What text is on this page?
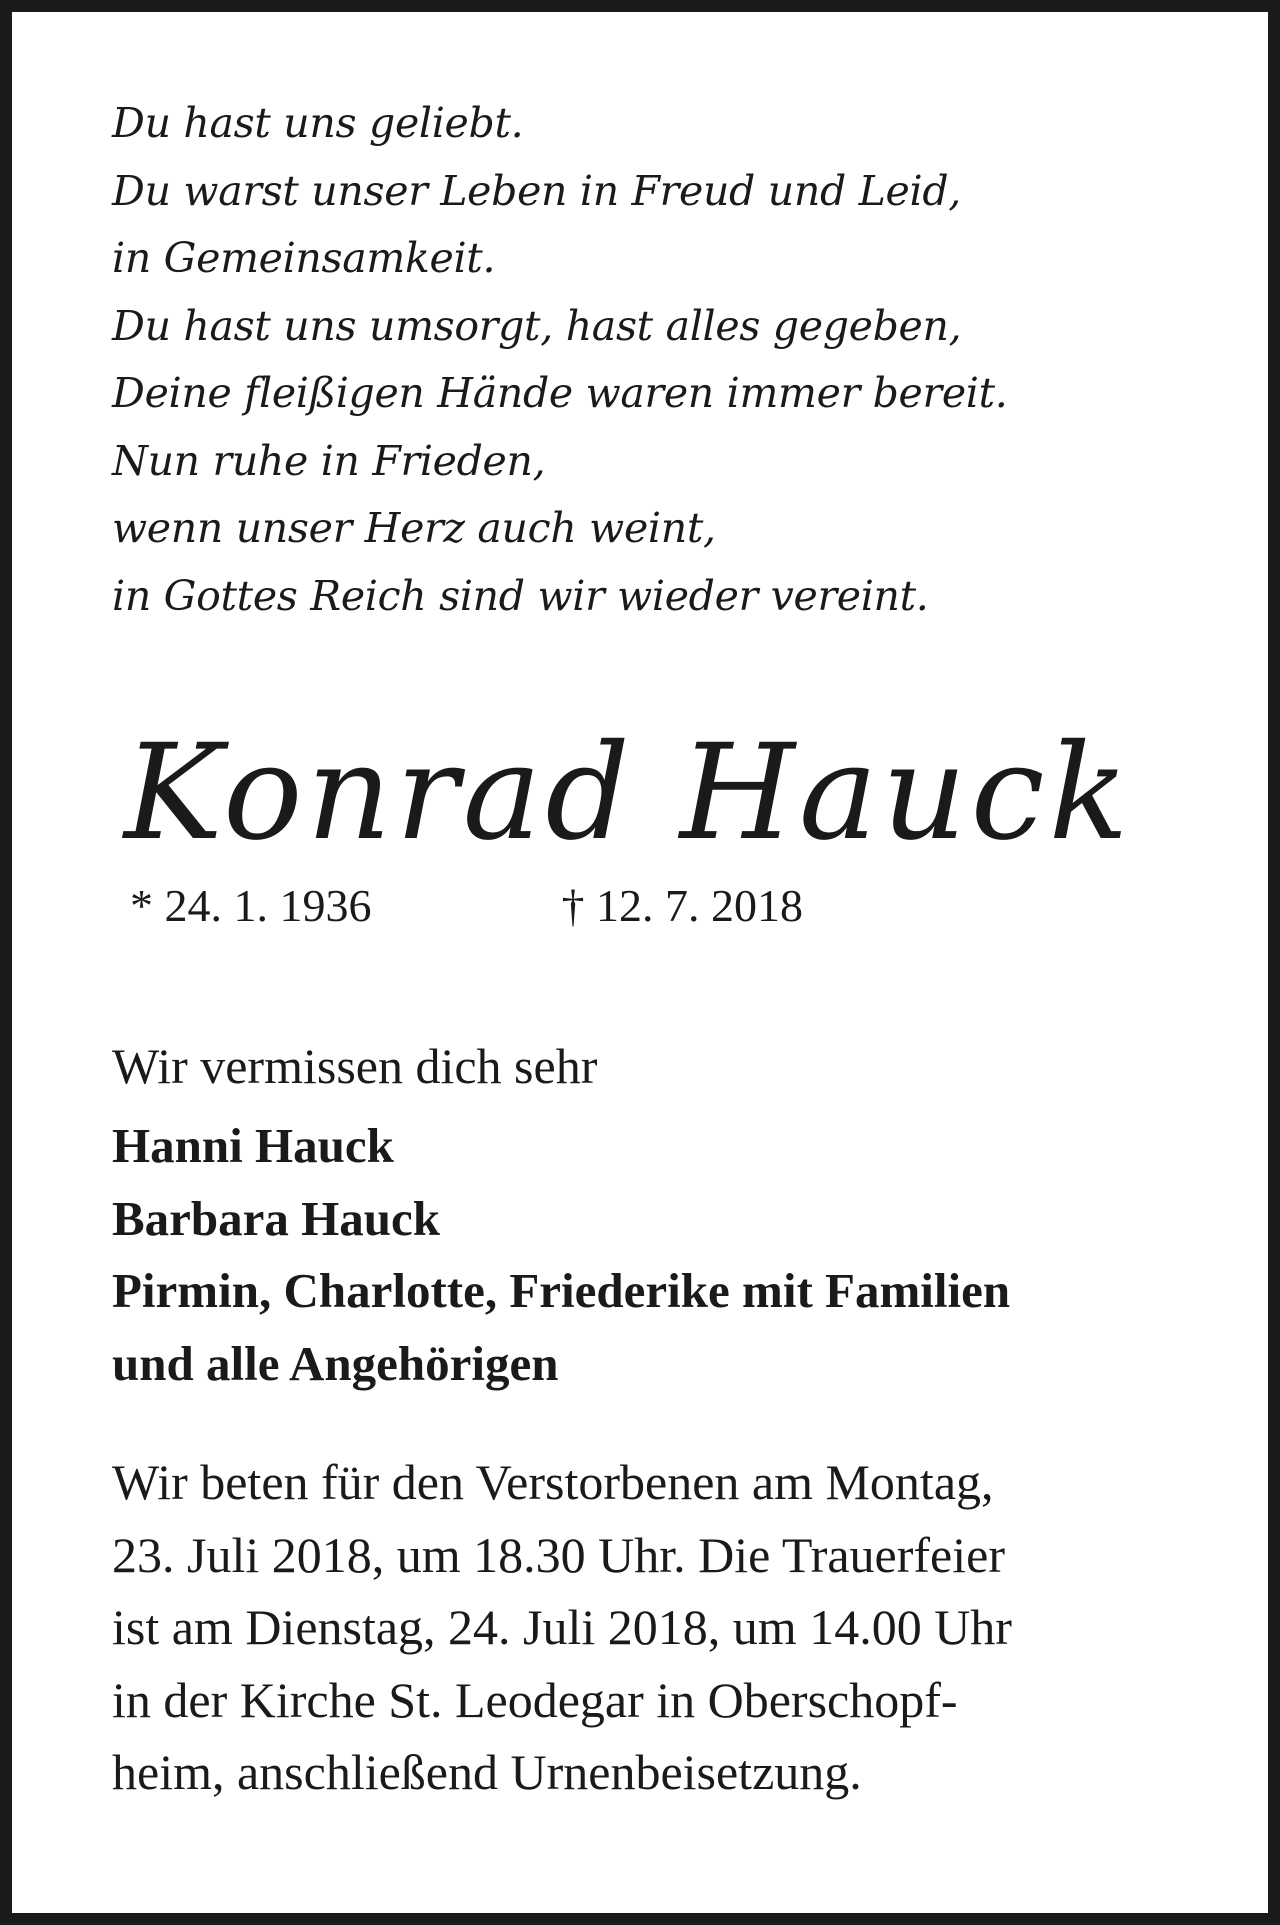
Du hast uns geliebt.
Du warst unser Leben in Freud und Leid,
in Gemeinsamkeit.
Du hast uns umsorgt, hast alles gegeben,
Deine fleißigen Hände waren immer bereit.
Nun ruhe in Frieden,
wenn unser Herz auch weint,
in Gottes Reich sind wir wieder vereint.
Konrad Hauck
* 24. 1. 1936	† 12. 7. 2018
Wir vermissen dich sehr
Hanni Hauck
Barbara Hauck
Pirmin, Charlotte, Friederike mit Familien
und alle Angehörigen
Wir beten für den Verstorbenen am Montag,
23. Juli 2018, um 18.30 Uhr. Die Trauerfeier
ist am Dienstag, 24. Juli 2018, um 14.00 Uhr
in der Kirche St. Leodegar in Oberschopf-
heim, anschließend Urnenbeisetzung.
